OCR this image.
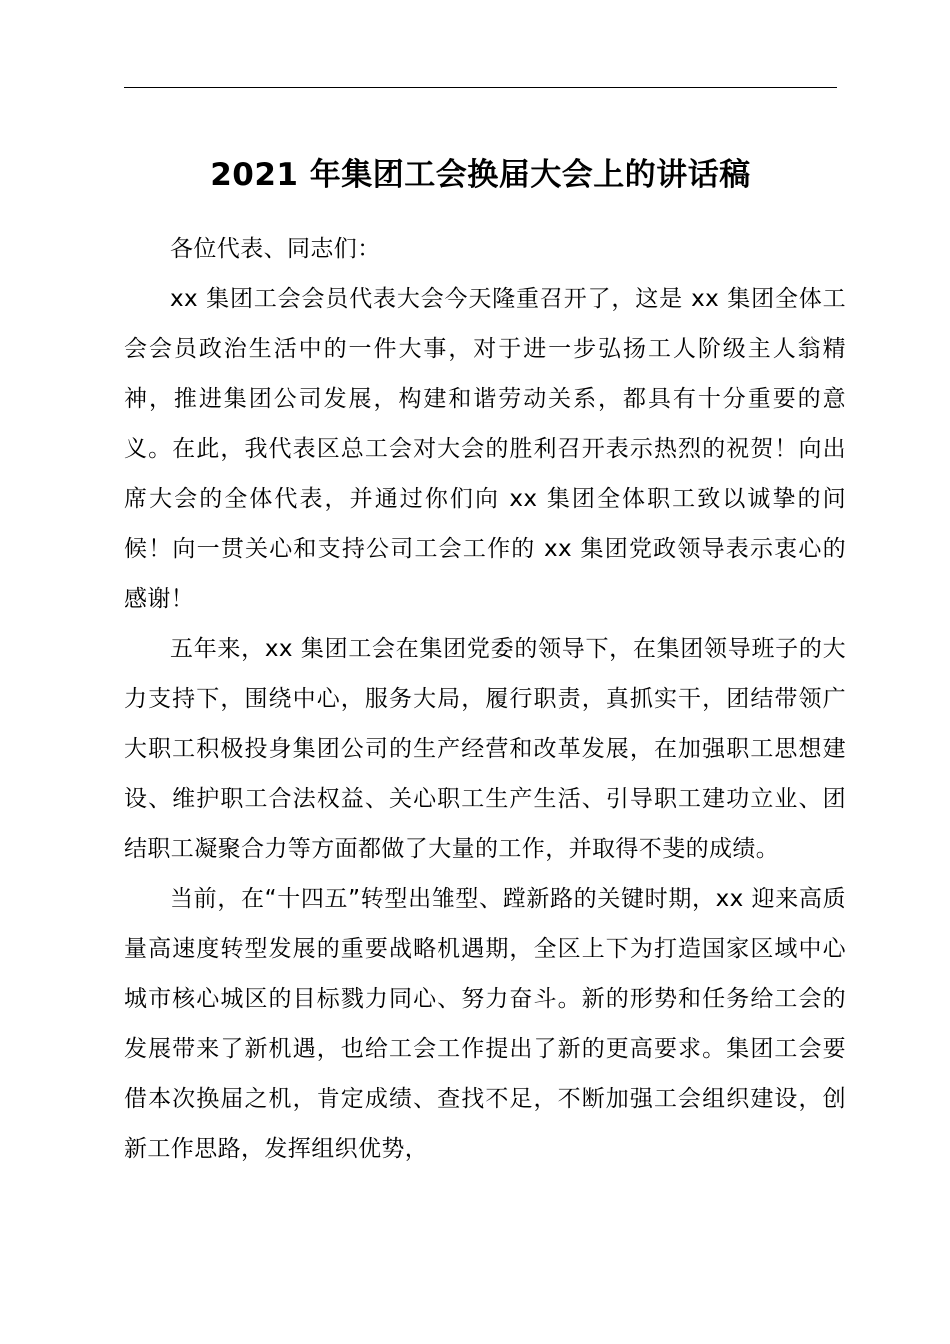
2021 年集团工会换届大会上的讲话稿

各位代表、同志们：

xx 集团工会会员代表大会今天隆重召开了，这是 xx 集团全体工会会员政治生活中的一件大事，对于进一步弘扬工人阶级主人翁精神，推进集团公司发展，构建和谐劳动关系，都具有十分重要的意义。在此，我代表区总工会对大会的胜利召开表示热烈的祝贺！向出席大会的全体代表，并通过你们向 xx 集团全体职工致以诚挚的问候！向一贯关心和支持公司工会工作的 xx 集团党政领导表示衷心的感谢！

五年来，xx 集团工会在集团党委的领导下，在集团领导班子的大力支持下，围绕中心，服务大局，履行职责，真抓实干，团结带领广大职工积极投身集团公司的生产经营和改革发展，在加强职工思想建设、维护职工合法权益、关心职工生产生活、引导职工建功立业、团结职工凝聚合力等方面都做了大量的工作，并取得不斐的成绩。

当前，在“十四五”转型出雏型、蹚新路的关键时期，xx 迎来高质量高速度转型发展的重要战略机遇期，全区上下为打造国家区域中心城市核心城区的目标戮力同心、努力奋斗。新的形势和任务给工会的发展带来了新机遇，也给工会工作提出了新的更高要求。集团工会要借本次换届之机，肯定成绩、查找不足，不断加强工会组织建设，创新工作思路，发挥组织优势，
